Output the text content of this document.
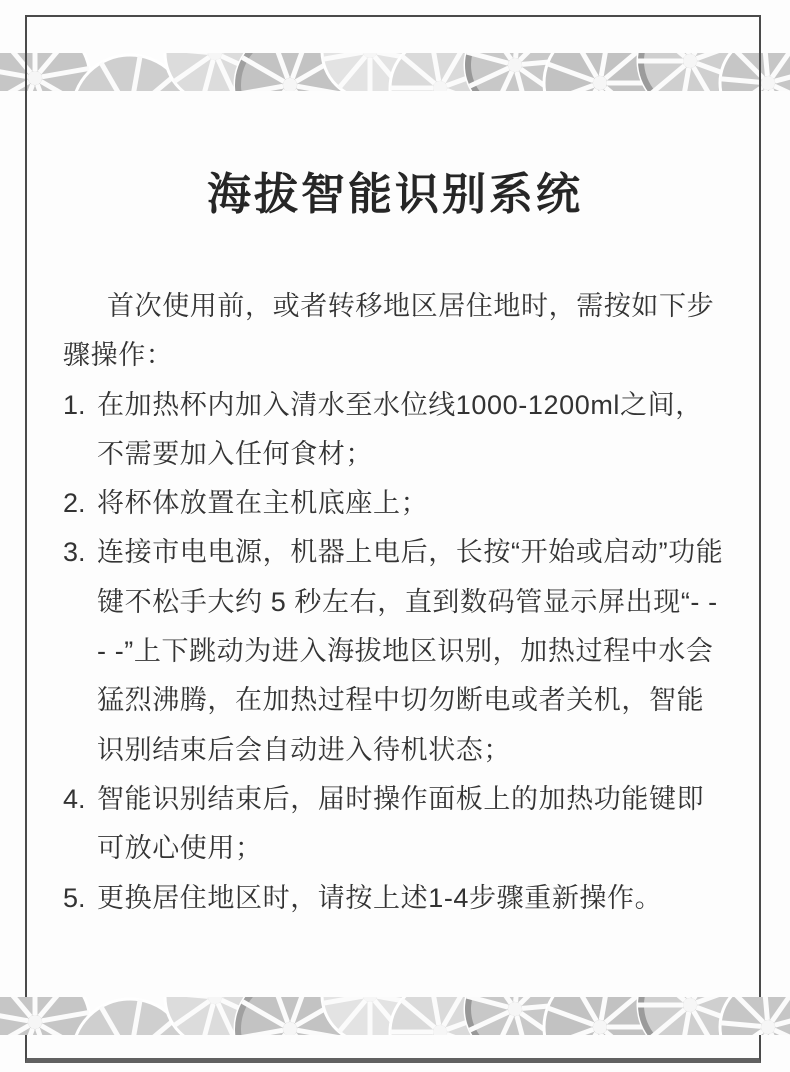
海拔智能识别系统

首次使用前，或者转移地区居住地时，需按如下步骤操作：

1. 在加热杯内加入清水至水位线1000-1200ml之间，不需要加入任何食材；
2. 将杯体放置在主机底座上；
3. 连接市电电源，机器上电后，长按“开始或启动”功能键不松手大约 5 秒左右，直到数码管显示屏出现“- - - -”上下跳动为进入海拔地区识别，加热过程中水会猛烈沸腾，在加热过程中切勿断电或者关机，智能识别结束后会自动进入待机状态；
4. 智能识别结束后，届时操作面板上的加热功能键即可放心使用；
5. 更换居住地区时，请按上述1-4步骤重新操作。
